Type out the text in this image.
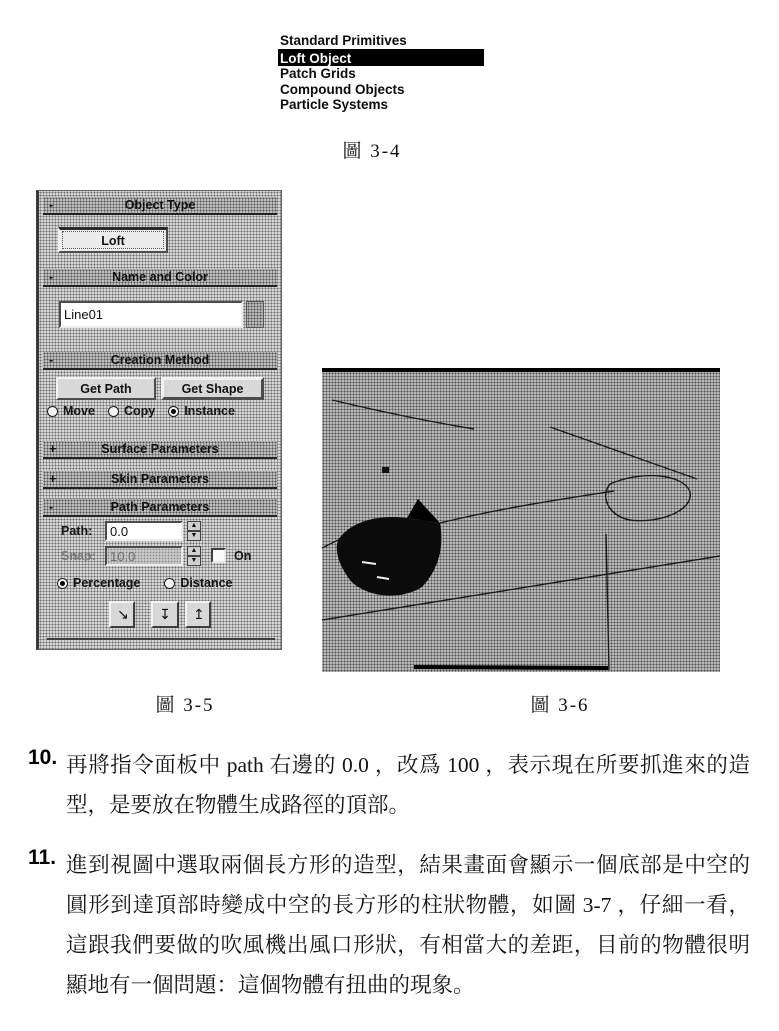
Standard Primitives
Loft Object
Patch Grids
Compound Objects
Particle Systems
圖 3-4
-	Object Type
Loft
-	Name and Color
Line01
-	Creation Method
Get Path	Get Shape
Move Copy Instance
+	Surface Parameters
+	Skin Parameters
-	Path Parameters
Path:
0.0	▲
▼
Snap:
10.0	▲
▼	On
Percentage	Distance
↘	↧	↥
圖 3-5	圖 3-6
10. 再將指令面板中 path 右邊的 0.0 ，改爲 100 ，表示現在所要抓進來的造型，是要放在物體生成路徑的頂部。
11. 進到視圖中選取兩個長方形的造型，結果畫面會顯示一個底部是中空的圓形到達頂部時變成中空的長方形的柱狀物體，如圖 3-7 ，仔細一看，這跟我們要做的吹風機出風口形狀，有相當大的差距，目前的物體很明顯地有一個問題：這個物體有扭曲的現象。
